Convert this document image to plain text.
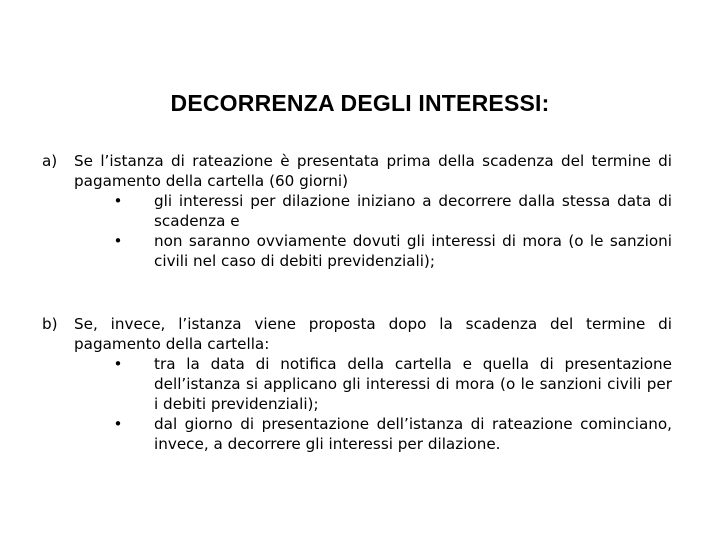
DECORRENZA DEGLI INTERESSI:
a)	Se l’istanza di rateazione è presentata prima della scadenza del termine di pagamento della cartella (60 giorni)
• gli interessi per dilazione iniziano a decorrere dalla stessa data di scadenza e
• non saranno ovviamente dovuti gli interessi di mora (o le sanzioni civili nel caso di debiti previdenziali);
b)	Se, invece, l’istanza viene proposta dopo la scadenza del termine di pagamento della cartella:
• tra la data di notifica della cartella e quella di presentazione dell’istanza si applicano gli interessi di mora (o le sanzioni civili per i debiti previdenziali);
• dal giorno di presentazione dell’istanza di rateazione cominciano, invece, a decorrere gli interessi per dilazione.
